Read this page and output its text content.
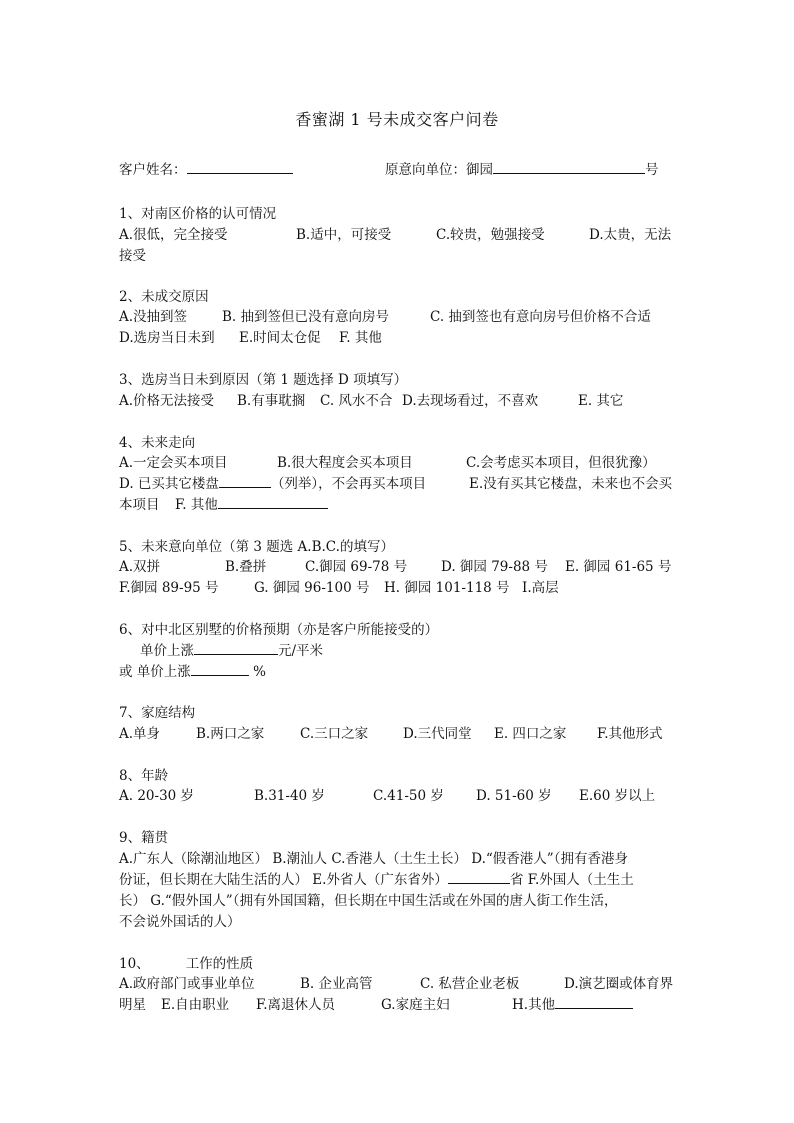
香蜜湖 1 号未成交客户问卷
客户姓名：	原意向单位：御园	号
1、对南区价格的认可情况
A.很低，完全接受	B.适中，可接受	C.较贵，勉强接受	D.太贵，无法
接受
2、未成交原因
A.没抽到签	B. 抽到签但已没有意向房号	C. 抽到签也有意向房号但价格不合适
D.选房当日未到 E.时间太仓促 F. 其他
3、选房当日未到原因（第 1 题选择 D 项填写）
A.价格无法接受 B.有事耽搁 C. 风水不合 D.去现场看过，不喜欢	E. 其它
4、未来走向
A.一定会买本项目	B.很大程度会买本项目	C.会考虑买本项目，但很犹豫）
D. 已买其它楼盘	（列举），不会再买本项目	E.没有买其它楼盘，未来也不会买
本项目 F. 其他
5、未来意向单位（第 3 题选 A.B.C.的填写）
A.双拼	B.叠拼	C.御园 69-78 号	D. 御园 79-88 号 E. 御园 61-65 号
F.御园 89-95 号	G. 御园 96-100 号 H. 御园 101-118 号 I.高层
6、对中北区别墅的价格预期（亦是客户所能接受的）
单价上涨	元/平米
或 单价上涨	%
7、家庭结构
A.单身	B.两口之家	C.三口之家	D.三代同堂 E. 四口之家 F.其他形式
8、年龄
A. 20-30 岁	B.31-40 岁	C.41-50 岁 D. 51-60 岁 E.60 岁以上
9、籍贯
A.广东人（除潮汕地区） B.潮汕人 C.香港人（土生土长） D.“假香港人”（拥有香港身
份证，但长期在大陆生活的人） E.外省人（广东省外）	省 F.外国人（土生土
长） G.“假外国人”（拥有外国国籍，但长期在中国生活或在外国的唐人街工作生活，
不会说外国话的人）
10、	工作的性质
A.政府部门或事业单位	B. 企业高管	C. 私营企业老板	D.演艺圈或体育界
明星 E.自由职业 F.离退休人员	G.家庭主妇	H.其他
